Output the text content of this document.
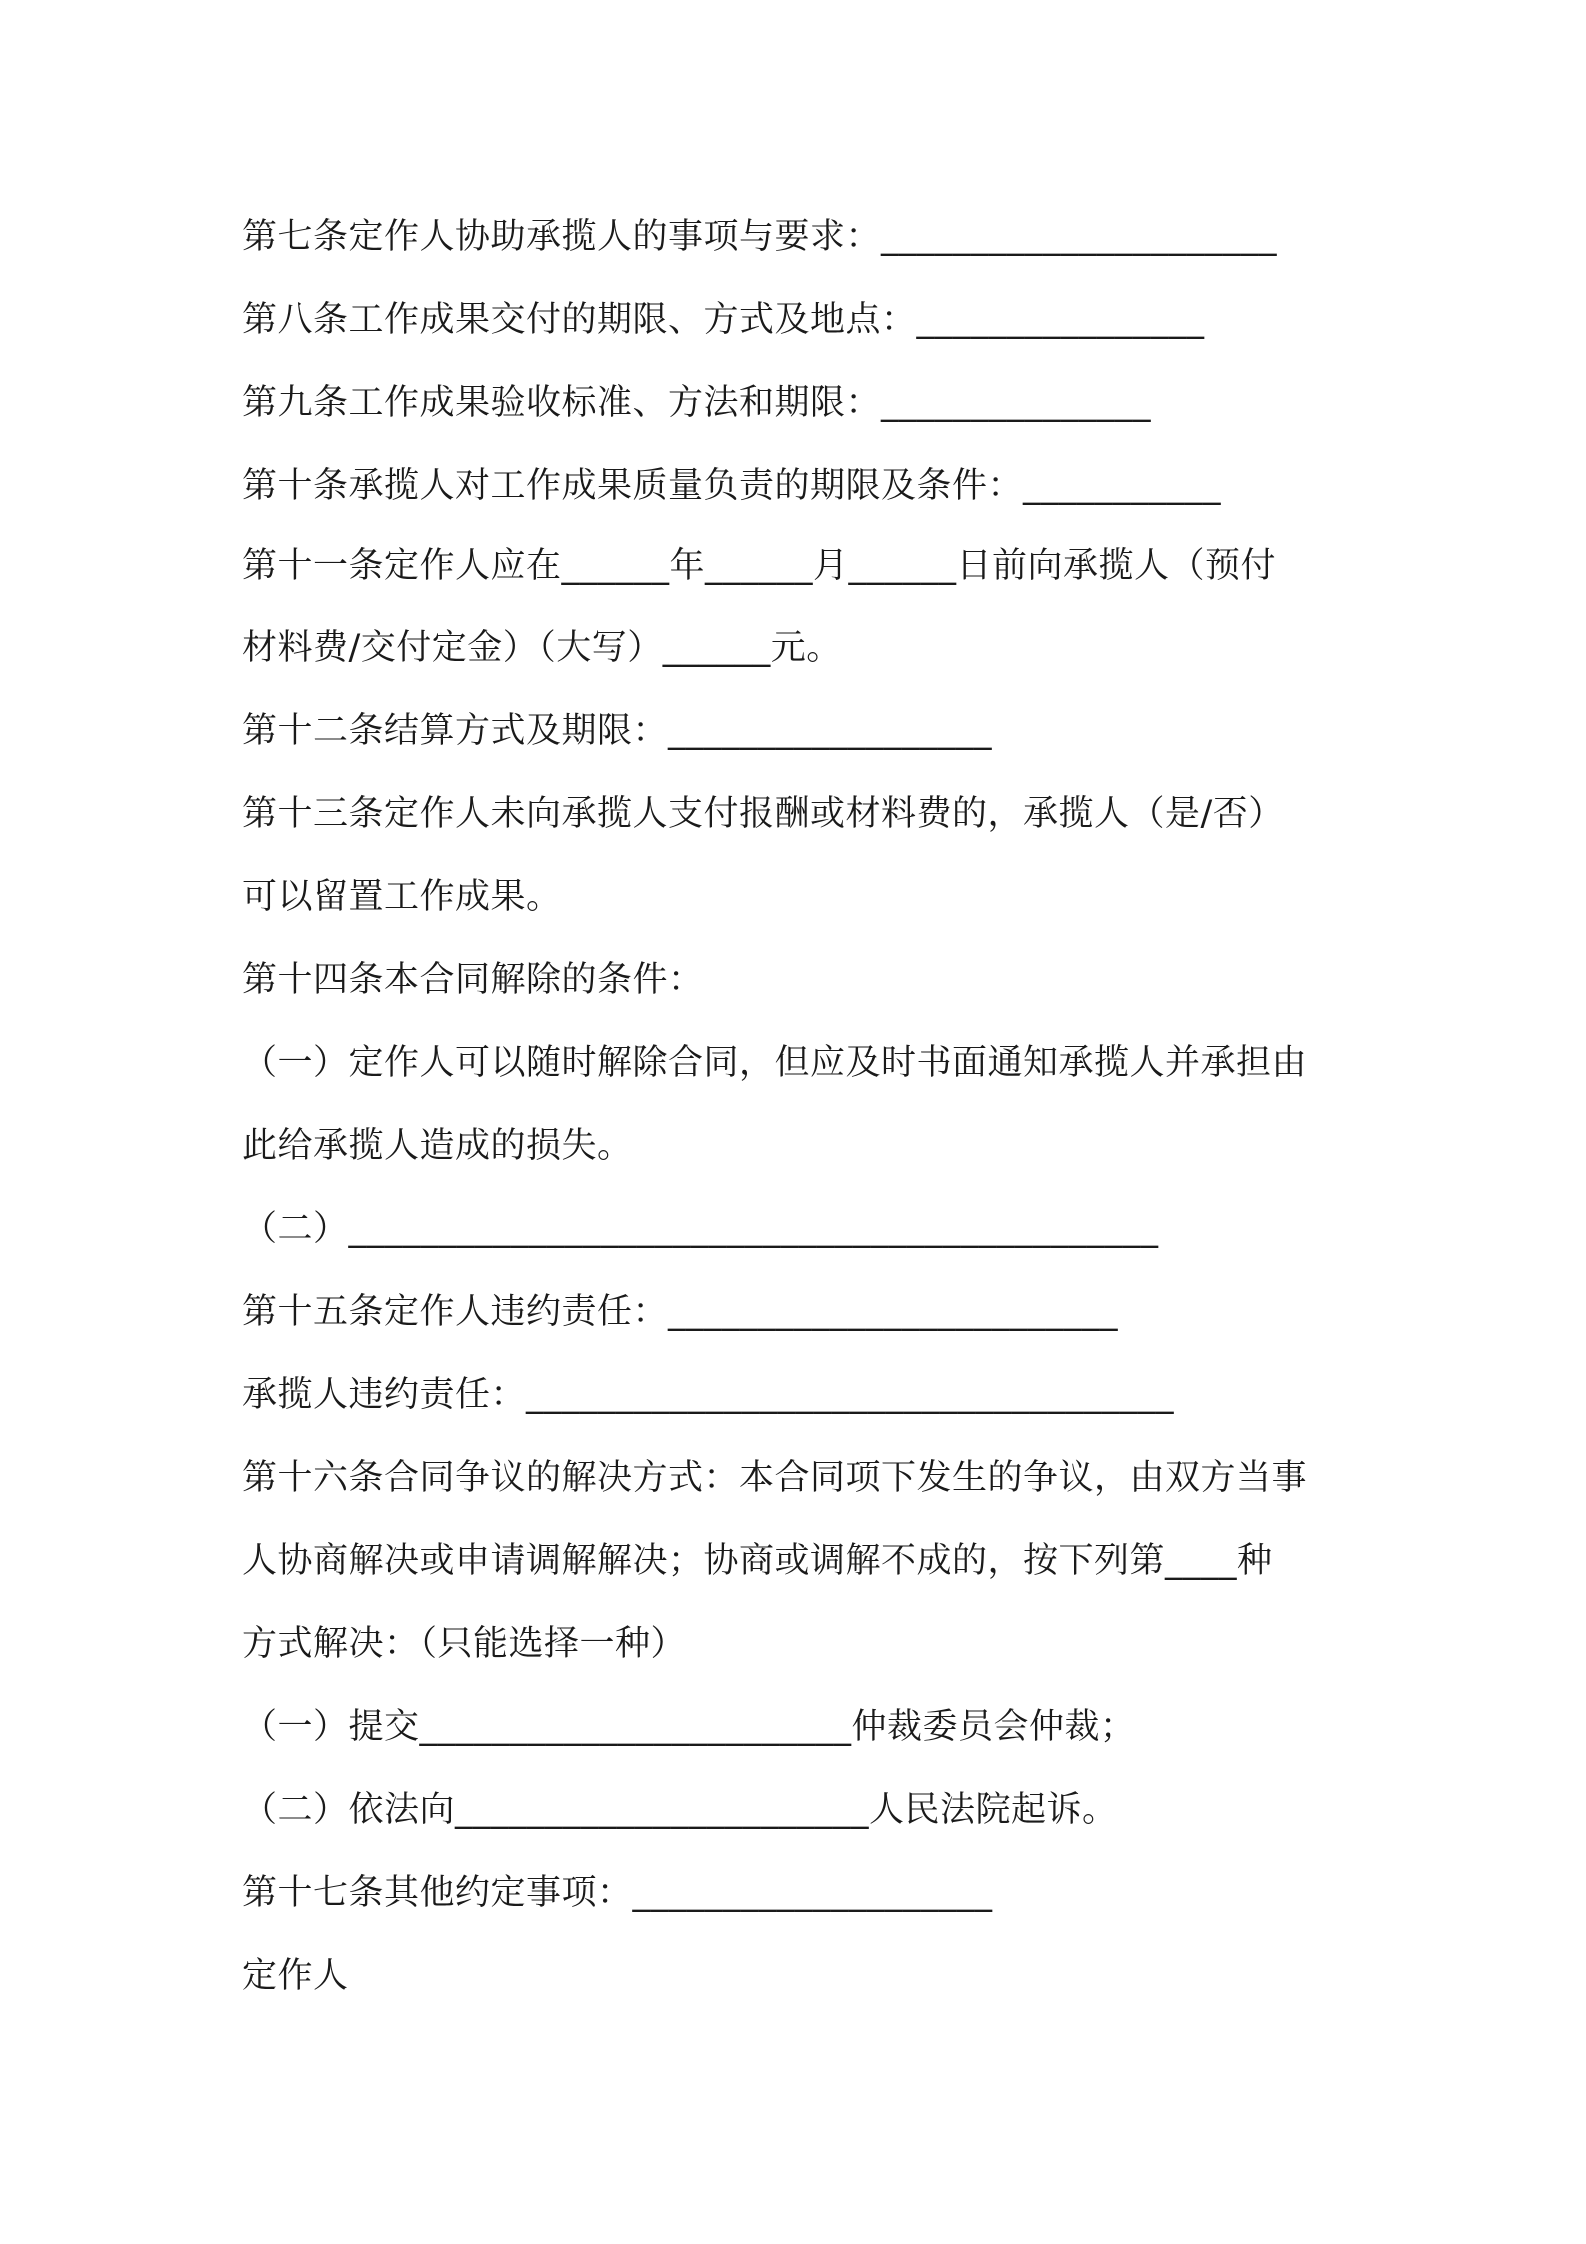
第七条定作人协助承揽人的事项与要求：______________________
第八条工作成果交付的期限、方式及地点：________________
第九条工作成果验收标准、方法和期限：_______________
第十条承揽人对工作成果质量负责的期限及条件：___________
第十一条定作人应在______年______月______日前向承揽人（预付
材料费/交付定金）（大写）______元。
第十二条结算方式及期限：__________________
第十三条定作人未向承揽人支付报酬或材料费的，承揽人（是/否）
可以留置工作成果。
第十四条本合同解除的条件：
（一）定作人可以随时解除合同，但应及时书面通知承揽人并承担由
此给承揽人造成的损失。
（二）_____________________________________________
第十五条定作人违约责任：_________________________
承揽人违约责任：____________________________________
第十六条合同争议的解决方式：本合同项下发生的争议，由双方当事
人协商解决或申请调解解决；协商或调解不成的，按下列第____种
方式解决：（只能选择一种）
（一）提交________________________仲裁委员会仲裁；
（二）依法向_______________________人民法院起诉。
第十七条其他约定事项：____________________
定作人
